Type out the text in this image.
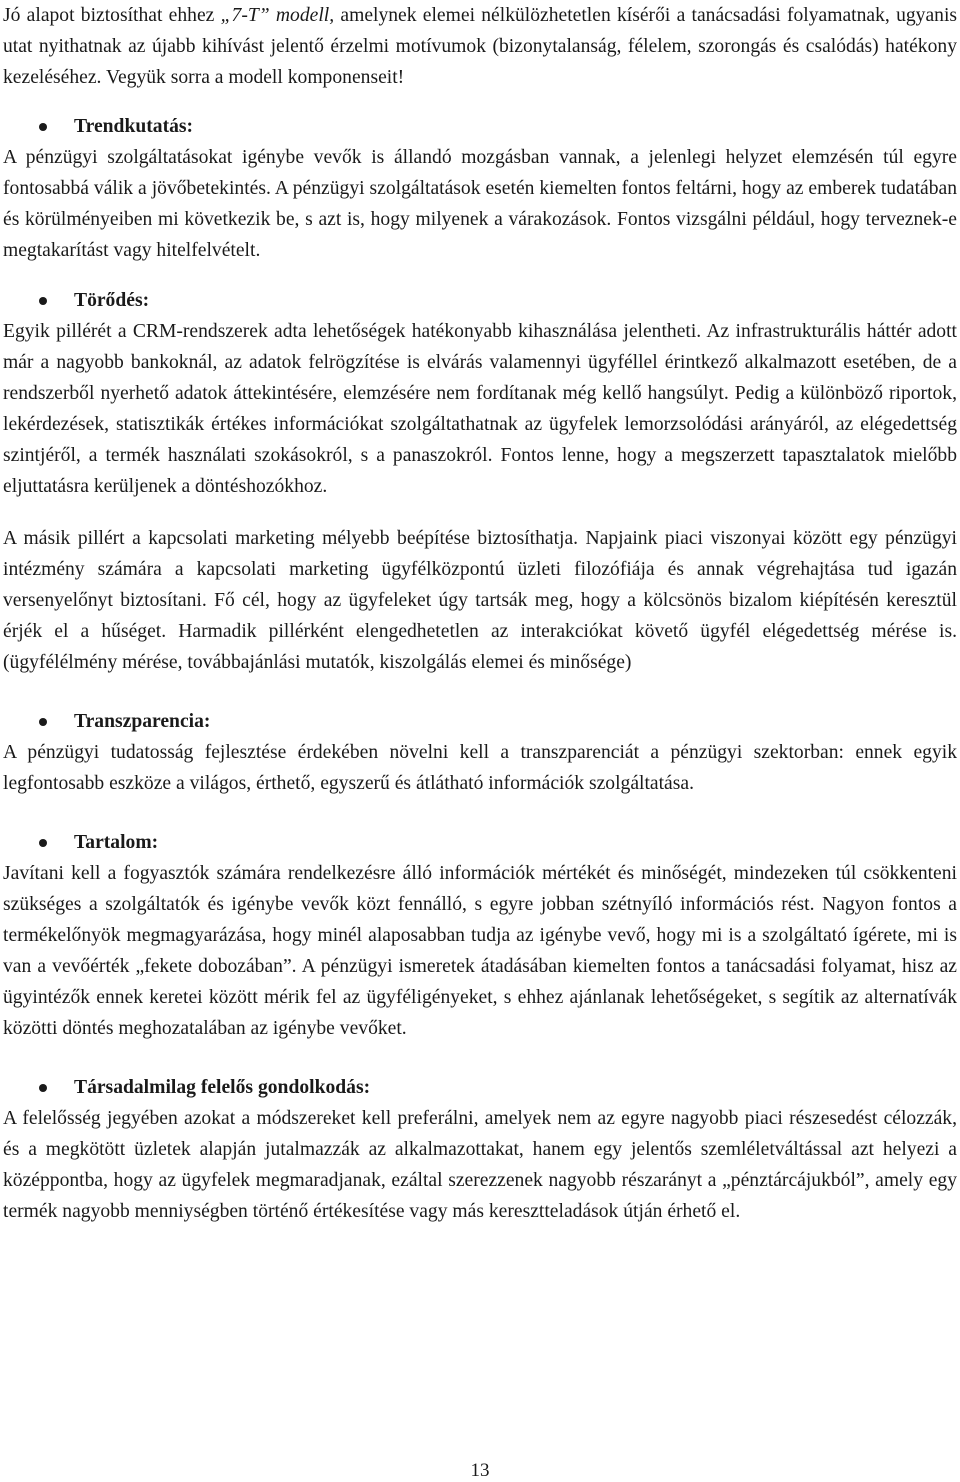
Jó alapot biztosíthat ehhez „7-T” modell, amelynek elemei nélkülözhetetlen kísérői a tanácsadási folyamatnak, ugyanis utat nyithatnak az újabb kihívást jelentő érzelmi motívumok (bizonytalanság, félelem, szorongás és csalódás) hatékony kezeléséhez. Vegyük sorra a modell komponenseit!

Trendkutatás:

A pénzügyi szolgáltatásokat igénybe vevők is állandó mozgásban vannak, a jelenlegi helyzet elemzésén túl egyre fontosabbá válik a jövőbetekintés. A pénzügyi szolgáltatások esetén kiemelten fontos feltárni, hogy az emberek tudatában és körülményeiben mi következik be, s azt is, hogy milyenek a várakozások. Fontos vizsgálni például, hogy terveznek-e megtakarítást vagy hitelfelvételt.

Törődés:

Egyik pillérét a CRM-rendszerek adta lehetőségek hatékonyabb kihasználása jelentheti. Az infrastrukturális háttér adott már a nagyobb bankoknál, az adatok felrögzítése is elvárás valamennyi ügyféllel érintkező alkalmazott esetében, de a rendszerből nyerhető adatok áttekintésére, elemzésére nem fordítanak még kellő hangsúlyt. Pedig a különböző riportok, lekérdezések, statisztikák értékes információkat szolgáltathatnak az ügyfelek lemorzsolódási arányáról, az elégedettség szintjéről, a termék használati szokásokról, s a panaszokról. Fontos lenne, hogy a megszerzett tapasztalatok mielőbb eljuttatásra kerüljenek a döntéshozókhoz.

A másik pillért a kapcsolati marketing mélyebb beépítése biztosíthatja. Napjaink piaci viszonyai között egy pénzügyi intézmény számára a kapcsolati marketing ügyfélközpontú üzleti filozófiája és annak végrehajtása tud igazán versenyelőnyt biztosítani. Fő cél, hogy az ügyfeleket úgy tartsák meg, hogy a kölcsönös bizalom kiépítésén keresztül érjék el a hűséget. Harmadik pillérként elengedhetetlen az interakciókat követő ügyfél elégedettség mérése is. (ügyfélélmény mérése, továbbajánlási mutatók, kiszolgálás elemei és minősége)

Transzparencia:

A pénzügyi tudatosság fejlesztése érdekében növelni kell a transzparenciát a pénzügyi szektorban: ennek egyik legfontosabb eszköze a világos, érthető, egyszerű és átlátható információk szolgáltatása.

Tartalom:

Javítani kell a fogyasztók számára rendelkezésre álló információk mértékét és minőségét, mindezeken túl csökkenteni szükséges a szolgáltatók és igénybe vevők közt fennálló, s egyre jobban szétnyíló információs rést. Nagyon fontos a termékelőnyök megmagyarázása, hogy minél alaposabban tudja az igénybe vevő, hogy mi is a szolgáltató ígérete, mi is van a vevőérték „fekete dobozában”. A pénzügyi ismeretek átadásában kiemelten fontos a tanácsadási folyamat, hisz az ügyintézők ennek keretei között mérik fel az ügyféligényeket, s ehhez ajánlanak lehetőségeket, s segítik az alternatívák közötti döntés meghozatalában az igénybe vevőket.

Társadalmilag felelős gondolkodás:

A felelősség jegyében azokat a módszereket kell preferálni, amelyek nem az egyre nagyobb piaci részesedést célozzák, és a megkötött üzletek alapján jutalmazzák az alkalmazottakat, hanem egy jelentős szemléletváltással azt helyezi a középpontba, hogy az ügyfelek megmaradjanak, ezáltal szerezzenek nagyobb részarányt a „pénztárcájukból”, amely egy termék nagyobb menniységben történő értékesítése vagy más keresztteladások útján érhető el.

13
